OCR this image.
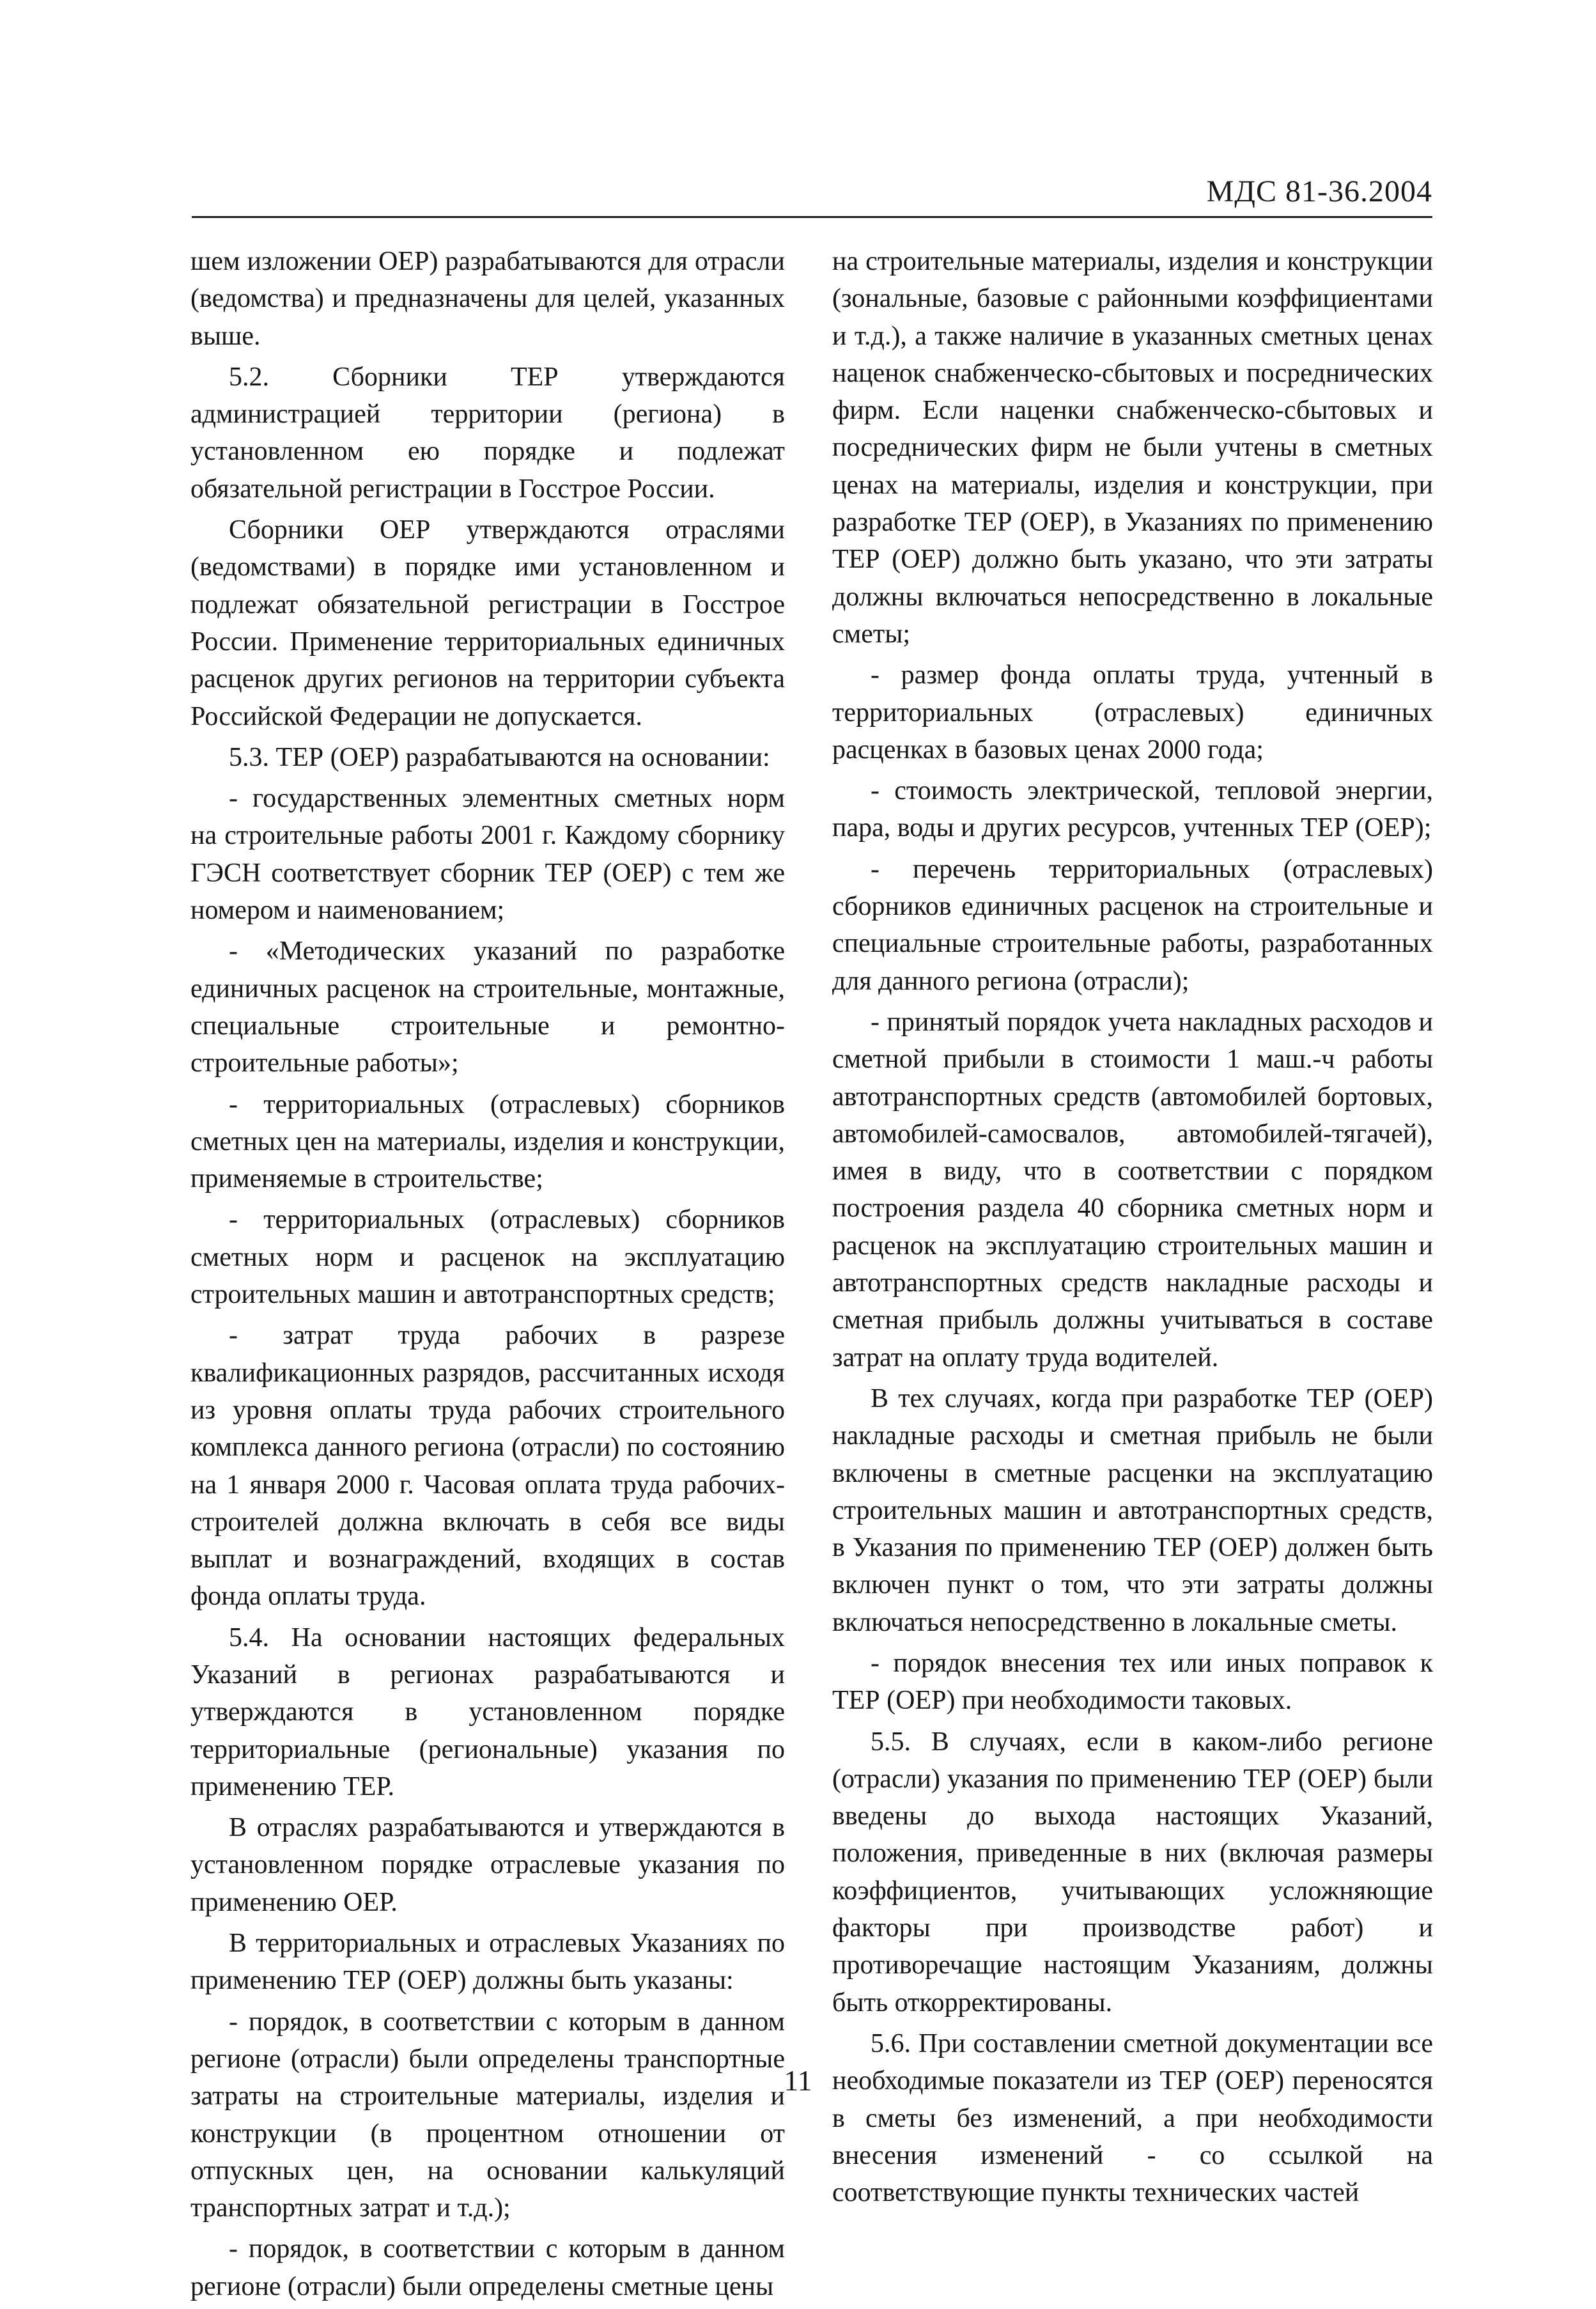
МДС 81-36.2004

шем изложении ОЕР) разрабатываются для отрасли (ведомства) и предназначены для целей, указанных выше.

5.2. Сборники ТЕР утверждаются администрацией территории (региона) в установленном ею порядке и подлежат обязательной регистрации в Госстрое России.

Сборники ОЕР утверждаются отраслями (ведомствами) в порядке ими установленном и подлежат обязательной регистрации в Госстрое России. Применение территориальных единичных расценок других регионов на территории субъекта Российской Федерации не допускается.

5.3. ТЕР (ОЕР) разрабатываются на основании:

- государственных элементных сметных норм на строительные работы 2001 г. Каждому сборнику ГЭСН соответствует сборник ТЕР (ОЕР) с тем же номером и наименованием;

- «Методических указаний по разработке единичных расценок на строительные, монтажные, специальные строительные и ремонтно-строительные работы»;

- территориальных (отраслевых) сборников сметных цен на материалы, изделия и конструкции, применяемые в строительстве;

- территориальных (отраслевых) сборников сметных норм и расценок на эксплуатацию строительных машин и автотранспортных средств;

- затрат труда рабочих в разрезе квалификационных разрядов, рассчитанных исходя из уровня оплаты труда рабочих строительного комплекса данного региона (отрасли) по состоянию на 1 января 2000 г. Часовая оплата труда рабочих-строителей должна включать в себя все виды выплат и вознаграждений, входящих в состав фонда оплаты труда.

5.4. На основании настоящих федеральных Указаний в регионах разрабатываются и утверждаются в установленном порядке территориальные (региональные) указания по применению ТЕР.

В отраслях разрабатываются и утверждаются в установленном порядке отраслевые указания по применению ОЕР.

В территориальных и отраслевых Указаниях по применению ТЕР (ОЕР) должны быть указаны:

- порядок, в соответствии с которым в данном регионе (отрасли) были определены транспортные затраты на строительные материалы, изделия и конструкции (в процентном отношении от отпускных цен, на основании калькуляций транспортных затрат и т.д.);

- порядок, в соответствии с которым в данном регионе (отрасли) были определены сметные цены

на строительные материалы, изделия и конструкции (зональные, базовые с районными коэффициентами и т.д.), а также наличие в указанных сметных ценах наценок снабженческо-сбытовых и посреднических фирм. Если наценки снабженческо-сбытовых и посреднических фирм не были учтены в сметных ценах на материалы, изделия и конструкции, при разработке ТЕР (ОЕР), в Указаниях по применению ТЕР (ОЕР) должно быть указано, что эти затраты должны включаться непосредственно в локальные сметы;

- размер фонда оплаты труда, учтенный в территориальных (отраслевых) единичных расценках в базовых ценах 2000 года;

- стоимость электрической, тепловой энергии, пара, воды и других ресурсов, учтенных ТЕР (ОЕР);

- перечень территориальных (отраслевых) сборников единичных расценок на строительные и специальные строительные работы, разработанных для данного региона (отрасли);

- принятый порядок учета накладных расходов и сметной прибыли в стоимости 1 маш.-ч работы автотранспортных средств (автомобилей бортовых, автомобилей-самосвалов, автомобилей-тягачей), имея в виду, что в соответствии с порядком построения раздела 40 сборника сметных норм и расценок на эксплуатацию строительных машин и автотранспортных средств накладные расходы и сметная прибыль должны учитываться в составе затрат на оплату труда водителей.

В тех случаях, когда при разработке ТЕР (ОЕР) накладные расходы и сметная прибыль не были включены в сметные расценки на эксплуатацию строительных машин и автотранспортных средств, в Указания по применению ТЕР (ОЕР) должен быть включен пункт о том, что эти затраты должны включаться непосредственно в локальные сметы.

- порядок внесения тех или иных поправок к ТЕР (ОЕР) при необходимости таковых.

5.5. В случаях, если в каком-либо регионе (отрасли) указания по применению ТЕР (ОЕР) были введены до выхода настоящих Указаний, положения, приведенные в них (включая размеры коэффициентов, учитывающих усложняющие факторы при производстве работ) и противоречащие настоящим Указаниям, должны быть откорректированы.

5.6. При составлении сметной документации все необходимые показатели из ТЕР (ОЕР) переносятся в сметы без изменений, а при необходимости внесения изменений - со ссылкой на соответствующие пункты технических частей

11
